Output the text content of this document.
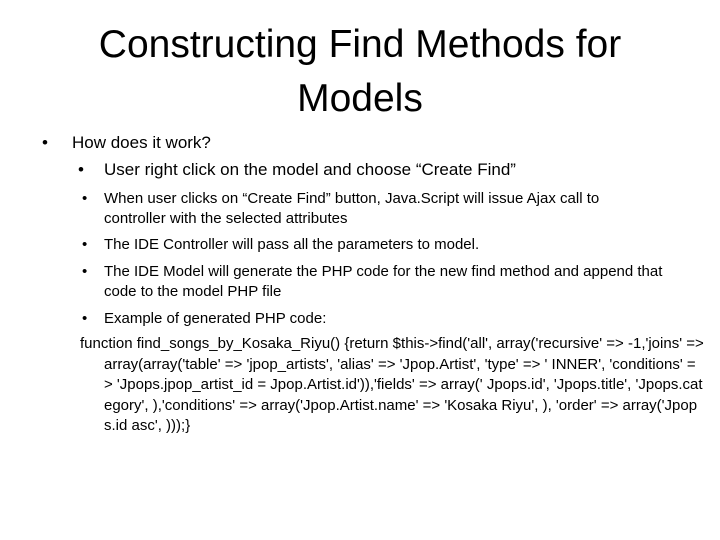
Constructing Find Methods for Models

• How does it work?

• User right click on the model and choose “Create Find”

• When user clicks on “Create Find” button, Java.Script will issue Ajax call to controller with the selected attributes

• The IDE Controller will pass all the parameters to model.

• The IDE Model will generate the PHP code for the new find method and append that code to the model PHP file

• Example of generated PHP code:

function find_songs_by_Kosaka_Riyu() {return $this->find('all', array('recursive' => -1,'joins' => array(array('table' => 'jpop_artists', 'alias' => 'Jpop.Artist', 'type' => ' INNER', 'conditions' => 'Jpops.jpop_artist_id = Jpop.Artist.id')),'fields' => array(' Jpops.id', 'Jpops.title', 'Jpops.category', ),'conditions' => array('Jpop.Artist.name' => 'Kosaka Riyu', ), 'order' => array('Jpops.id asc', )));}
